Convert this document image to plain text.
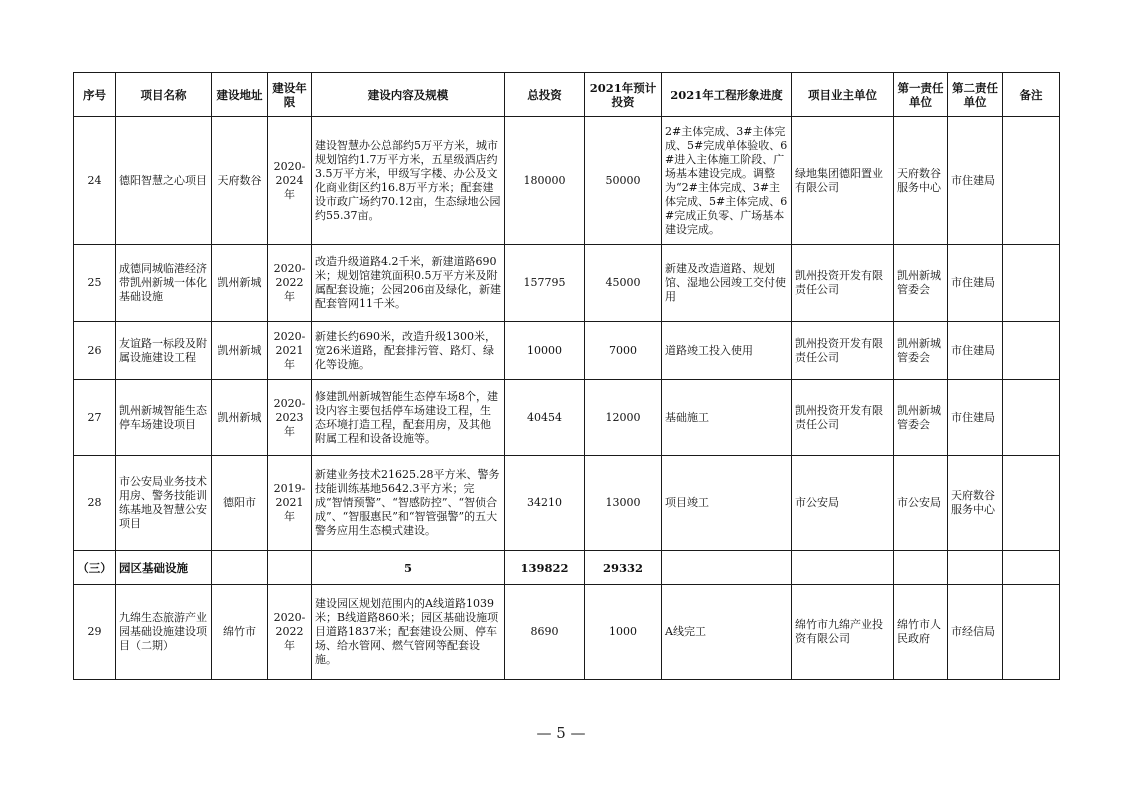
序号	项目名称	建设地址	建设年限	建设内容及规模	总投资	2021年预计投资	2021年工程形象进度	项目业主单位	第一责任单位	第二责任单位	备注
24	德阳智慧之心项目	天府数谷	2020-2024年	建设智慧办公总部约5万平方米，城市规划馆约1.7万平方米，五星级酒店约3.5万平方米，甲级写字楼、办公及文化商业街区约16.8万平方米；配套建设市政广场约70.12亩，生态绿地公园约55.37亩。	180000	50000	2#主体完成、3#主体完成、5#完成单体验收、6#进入主体施工阶段、广场基本建设完成。调整为“2#主体完成、3#主体完成、5#主体完成、6#完成正负零、广场基本建设完成。	绿地集团德阳置业有限公司	天府数谷服务中心	市住建局	
25	成德同城临港经济带凯州新城一体化基础设施	凯州新城	2020-2022年	改造升级道路4.2千米，新建道路690米；规划馆建筑面积0.5万平方米及附属配套设施；公园206亩及绿化，新建配套管网11千米。	157795	45000	新建及改造道路、规划馆、湿地公园竣工交付使用	凯州投资开发有限责任公司	凯州新城管委会	市住建局	
26	友谊路一标段及附属设施建设工程	凯州新城	2020-2021年	新建长约690米，改造升级1300米，宽26米道路，配套排污管、路灯、绿化等设施。	10000	7000	道路竣工投入使用	凯州投资开发有限责任公司	凯州新城管委会	市住建局	
27	凯州新城智能生态停车场建设项目	凯州新城	2020-2023年	修建凯州新城智能生态停车场8个，建设内容主要包括停车场建设工程，生态环境打造工程，配套用房，及其他附属工程和设备设施等。	40454	12000	基础施工	凯州投资开发有限责任公司	凯州新城管委会	市住建局	
28	市公安局业务技术用房、警务技能训练基地及智慧公安项目	德阳市	2019-2021年	新建业务技术21625.28平方米、警务技能训练基地5642.3平方米；完成“智情预警”、“智感防控”、“智侦合成”、“智服惠民”和“智管强警”的五大警务应用生态模式建设。	34210	13000	项目竣工	市公安局	市公安局	天府数谷服务中心	
（三）	园区基础设施			5	139822	29332					
29	九绵生态旅游产业园基础设施建设项目（二期）	绵竹市	2020-2022年	建设园区规划范围内的A线道路1039米；B线道路860米；园区基础设施项目道路1837米；配套建设公厕、停车场、给水管网、燃气管网等配套设施。	8690	1000	A线完工	绵竹市九绵产业投资有限公司	绵竹市人民政府	市经信局	
— 5 —
